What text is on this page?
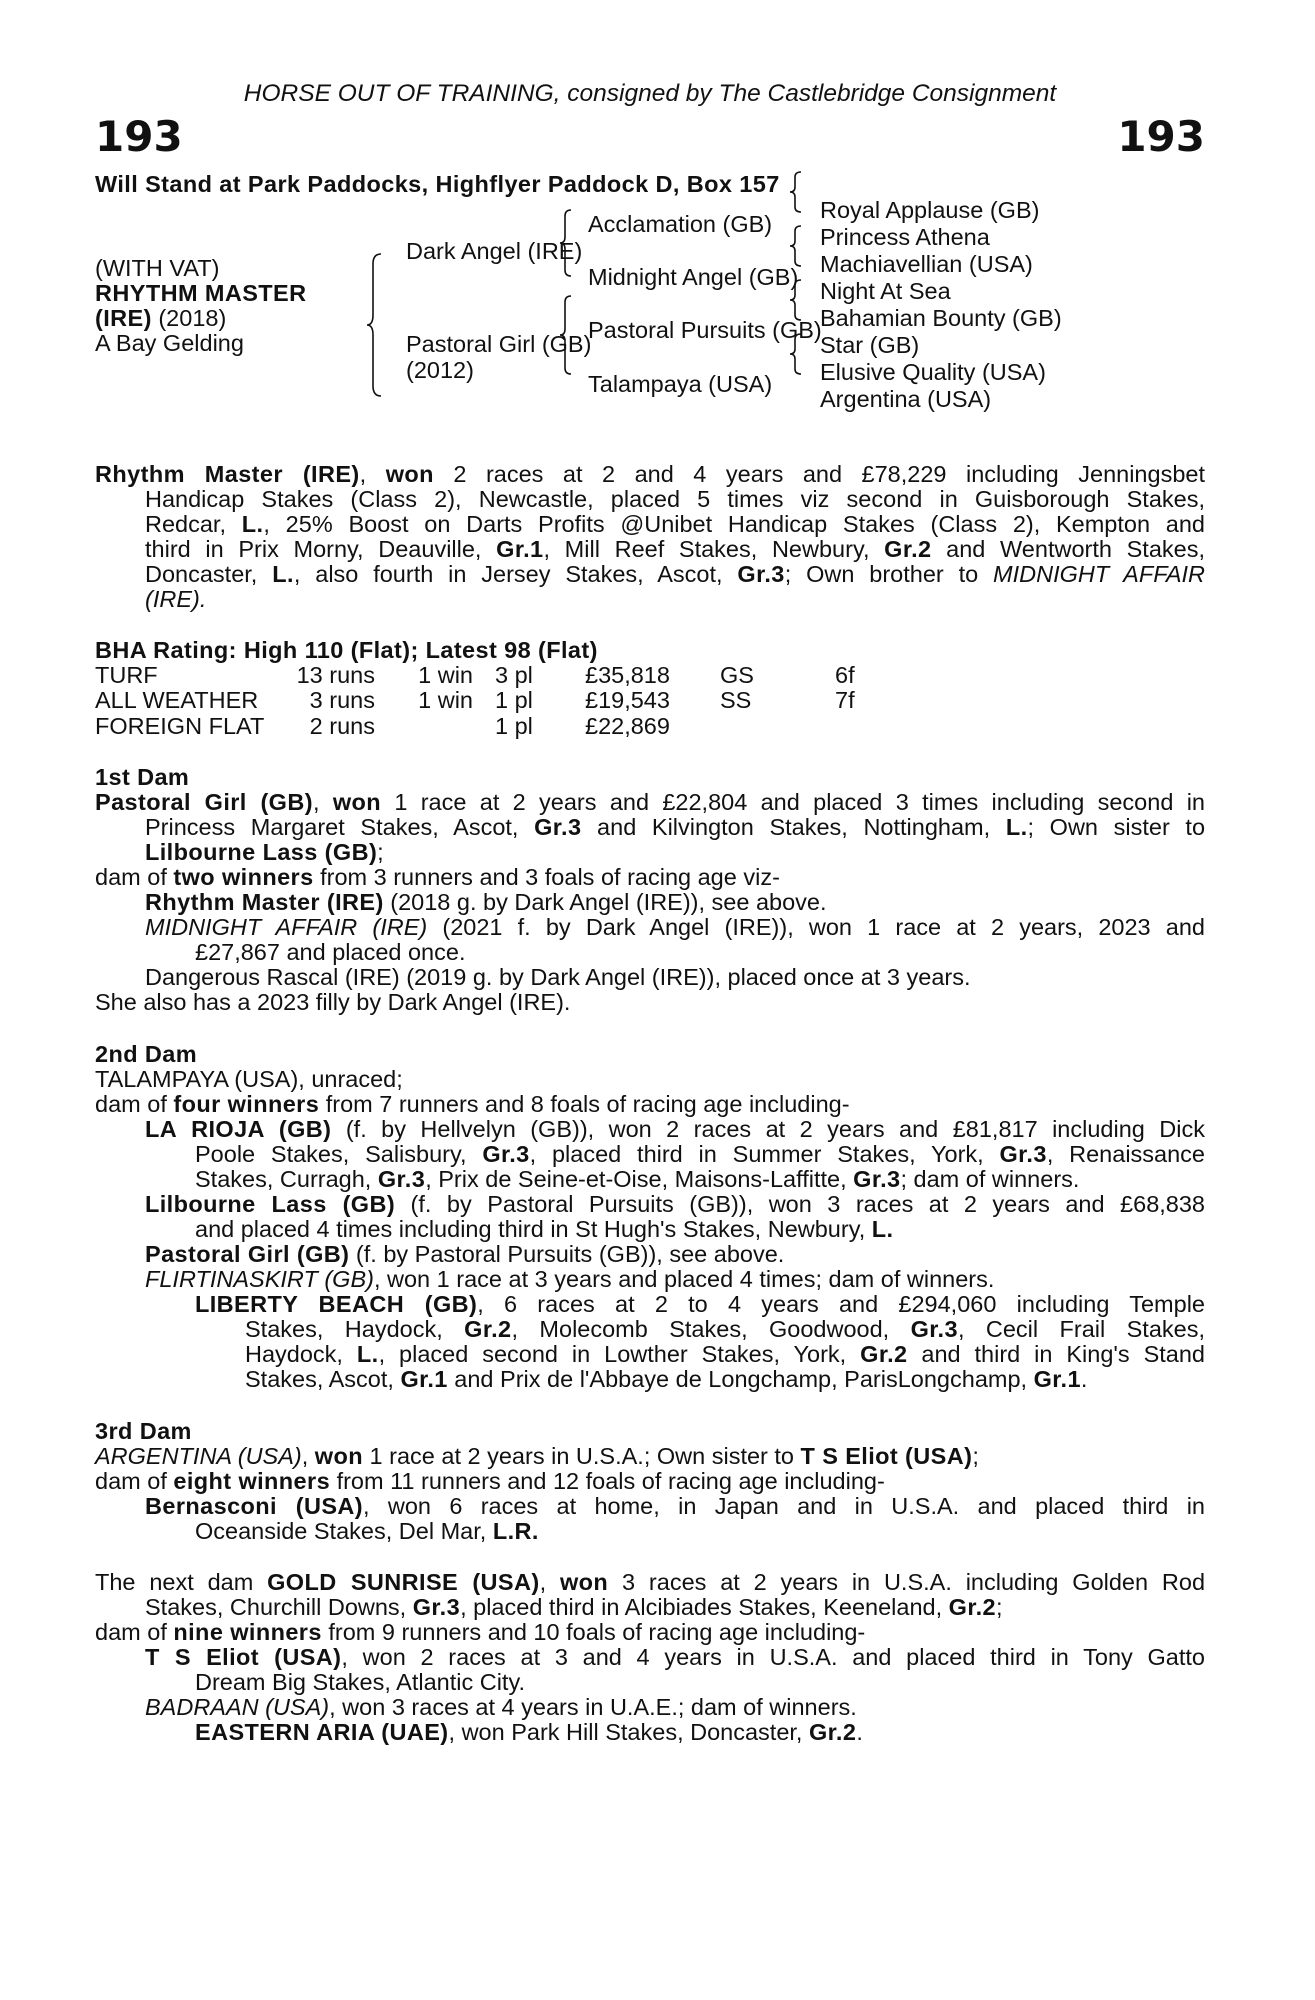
HORSE OUT OF TRAINING, consigned by The Castlebridge Consignment
193	193
Will Stand at Park Paddocks, Highflyer Paddock D, Box 157
(WITH VAT)
RHYTHM MASTER
(IRE) (2018)
A Bay Gelding
Dark Angel (IRE)
Pastoral Girl (GB)
(2012)
Acclamation (GB)
Midnight Angel (GB)
Pastoral Pursuits (GB)
Talampaya (USA)
Royal Applause (GB)
Princess Athena
Machiavellian (USA)
Night At Sea
Bahamian Bounty (GB)
Star (GB)
Elusive Quality (USA)
Argentina (USA)
Rhythm Master (IRE), won 2 races at 2 and 4 years and £78,229 including Jenningsbet
Handicap Stakes (Class 2), Newcastle, placed 5 times viz second in Guisborough Stakes,
Redcar, L., 25% Boost on Darts Profits @Unibet Handicap Stakes (Class 2), Kempton and
third in Prix Morny, Deauville, Gr.1, Mill Reef Stakes, Newbury, Gr.2 and Wentworth Stakes,
Doncaster, L., also fourth in Jersey Stakes, Ascot, Gr.3; Own brother to MIDNIGHT AFFAIR
(IRE).
BHA Rating: High 110 (Flat); Latest 98 (Flat)
TURF	13 runs	1 win	3 pl	£35,818	GS	6f
ALL WEATHER	3 runs	1 win	1 pl	£19,543	SS	7f
FOREIGN FLAT	2 runs		1 pl	£22,869		
1st Dam
Pastoral Girl (GB), won 1 race at 2 years and £22,804 and placed 3 times including second in
Princess Margaret Stakes, Ascot, Gr.3 and Kilvington Stakes, Nottingham, L.; Own sister to
Lilbourne Lass (GB);
dam of two winners from 3 runners and 3 foals of racing age viz-
Rhythm Master (IRE) (2018 g. by Dark Angel (IRE)), see above.
MIDNIGHT AFFAIR (IRE) (2021 f. by Dark Angel (IRE)), won 1 race at 2 years, 2023 and
£27,867 and placed once.
Dangerous Rascal (IRE) (2019 g. by Dark Angel (IRE)), placed once at 3 years.
She also has a 2023 filly by Dark Angel (IRE).
2nd Dam
TALAMPAYA (USA), unraced;
dam of four winners from 7 runners and 8 foals of racing age including-
LA RIOJA (GB) (f. by Hellvelyn (GB)), won 2 races at 2 years and £81,817 including Dick
Poole Stakes, Salisbury, Gr.3, placed third in Summer Stakes, York, Gr.3, Renaissance
Stakes, Curragh, Gr.3, Prix de Seine-et-Oise, Maisons-Laffitte, Gr.3; dam of winners.
Lilbourne Lass (GB) (f. by Pastoral Pursuits (GB)), won 3 races at 2 years and £68,838
and placed 4 times including third in St Hugh's Stakes, Newbury, L.
Pastoral Girl (GB) (f. by Pastoral Pursuits (GB)), see above.
FLIRTINASKIRT (GB), won 1 race at 3 years and placed 4 times; dam of winners.
LIBERTY BEACH (GB), 6 races at 2 to 4 years and £294,060 including Temple
Stakes, Haydock, Gr.2, Molecomb Stakes, Goodwood, Gr.3, Cecil Frail Stakes,
Haydock, L., placed second in Lowther Stakes, York, Gr.2 and third in King's Stand
Stakes, Ascot, Gr.1 and Prix de l'Abbaye de Longchamp, ParisLongchamp, Gr.1.
3rd Dam
ARGENTINA (USA), won 1 race at 2 years in U.S.A.; Own sister to T S Eliot (USA);
dam of eight winners from 11 runners and 12 foals of racing age including-
Bernasconi (USA), won 6 races at home, in Japan and in U.S.A. and placed third in
Oceanside Stakes, Del Mar, L.R.
The next dam GOLD SUNRISE (USA), won 3 races at 2 years in U.S.A. including Golden Rod
Stakes, Churchill Downs, Gr.3, placed third in Alcibiades Stakes, Keeneland, Gr.2;
dam of nine winners from 9 runners and 10 foals of racing age including-
T S Eliot (USA), won 2 races at 3 and 4 years in U.S.A. and placed third in Tony Gatto
Dream Big Stakes, Atlantic City.
BADRAAN (USA), won 3 races at 4 years in U.A.E.; dam of winners.
EASTERN ARIA (UAE), won Park Hill Stakes, Doncaster, Gr.2.
